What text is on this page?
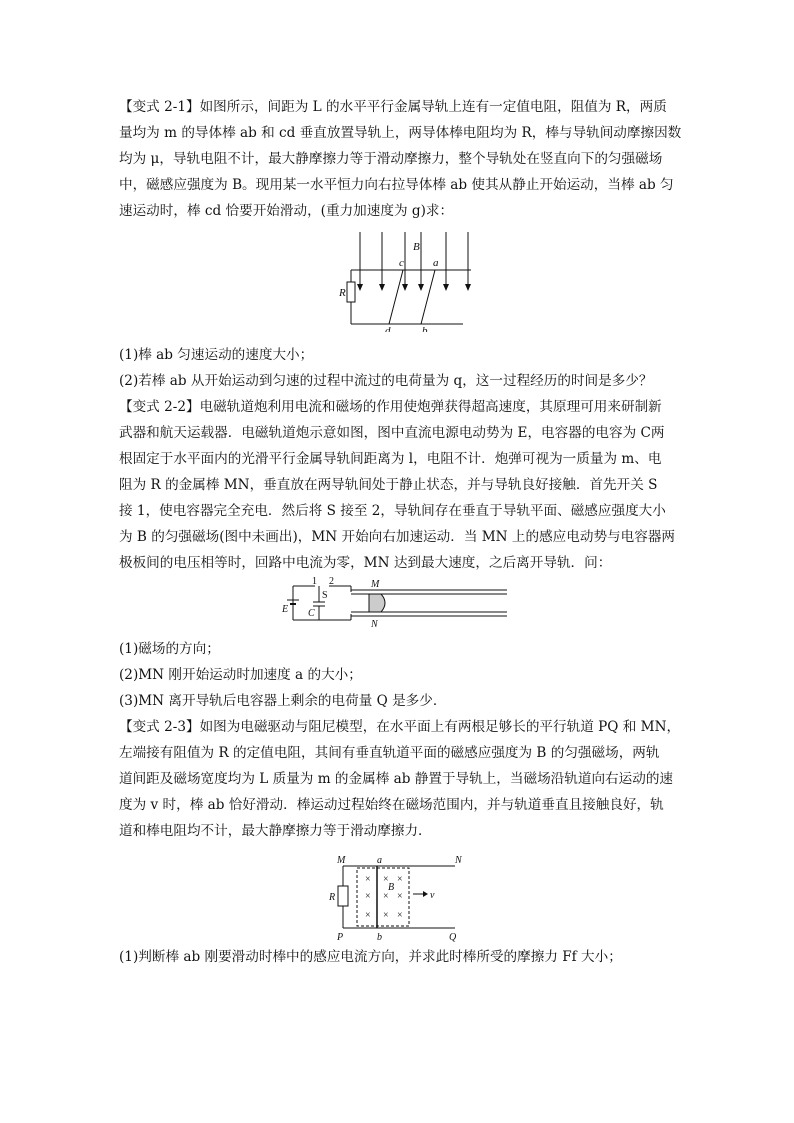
【变式 2-1】如图所示，间距为 L 的水平平行金属导轨上连有一定值电阻，阻值为 R，两质
量均为 m 的导体棒 ab 和 cd 垂直放置导轨上，两导体棒电阻均为 R，棒与导轨间动摩擦因数
均为 μ，导轨电阻不计，最大静摩擦力等于滑动摩擦力，整个导轨处在竖直向下的匀强磁场
中，磁感应强度为 B。现用某一水平恒力向右拉导体棒 ab 使其从静止开始运动，当棒 ab 匀
速运动时，棒 cd 恰要开始滑动，(重力加速度为 g)求：
B
c	a
R
d	b
(1)棒 ab 匀速运动的速度大小；
(2)若棒 ab 从开始运动到匀速的过程中流过的电荷量为 q，这一过程经历的时间是多少？
【变式 2-2】电磁轨道炮利用电流和磁场的作用使炮弹获得超高速度，其原理可用来研制新
武器和航天运载器．电磁轨道炮示意如图，图中直流电源电动势为 E，电容器的电容为 C两
根固定于水平面内的光滑平行金属导轨间距离为 l，电阻不计．炮弹可视为一质量为 m、电
阻为 R 的金属棒 MN，垂直放在两导轨间处于静止状态，并与导轨良好接触．首先开关 S
接 1，使电容器完全充电．然后将 S 接至 2，导轨间存在垂直于导轨平面、磁感应强度大小
为 B 的匀强磁场(图中未画出)，MN 开始向右加速运动．当 MN 上的感应电动势与电容器两
极板间的电压相等时，回路中电流为零，MN 达到最大速度，之后离开导轨．问：
1 2
S
E C
M
N
(1)磁场的方向；
(2)MN 刚开始运动时加速度 a 的大小；
(3)MN 离开导轨后电容器上剩余的电荷量 Q 是多少．
【变式 2-3】如图为电磁驱动与阻尼模型，在水平面上有两根足够长的平行轨道 PQ 和 MN，
左端接有阻值为 R 的定值电阻，其间有垂直轨道平面的磁感应强度为 B 的匀强磁场，两轨
道间距及磁场宽度均为 L 质量为 m 的金属棒 ab 静置于导轨上，当磁场沿轨道向右运动的速
度为 v 时，棒 ab 恰好滑动．棒运动过程始终在磁场范围内，并与轨道垂直且接触良好，轨
道和棒电阻均不计，最大静摩擦力等于滑动摩擦力．
×
×
×
× ×
× ×
× ×
M	a	N
R
B
v
P	b	Q
(1)判断棒 ab 刚要滑动时棒中的感应电流方向，并求此时棒所受的摩擦力 Ff 大小；
